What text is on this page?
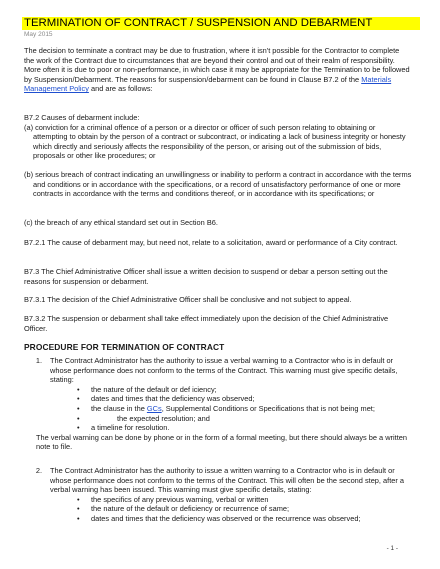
TERMINATION OF CONTRACT / SUSPENSION AND DEBARMENT
May 2015

The decision to terminate a contract may be due to frustration, where it isn't possible for the Contractor to complete the work of the Contract due to circumstances that are beyond their control and out of their realm of responsibility. More often it is due to poor or non-performance, in which case it may be appropriate for the Termination to be followed by Suspension/Debarment. The reasons for suspension/debarment can be found in Clause B7.2 of the Materials Management Policy and are as follows:

B7.2 Causes of debarment include:
(a) conviction for a criminal offence of a person or a director or officer of such person relating to obtaining or attempting to obtain by the person of a contract or subcontract, or indicating a lack of business integrity or honesty which directly and seriously affects the responsibility of the person, or arising out of the submission of bids, proposals or other like procedures; or
(b) serious breach of contract indicating an unwillingness or inability to perform a contract in accordance with the terms and conditions or in accordance with the specifications, or a record of unsatisfactory performance of one or more contracts in accordance with the terms and conditions thereof, or in accordance with its specifications; or
(c) the breach of any ethical standard set out in Section B6.
B7.2.1 The cause of debarment may, but need not, relate to a solicitation, award or performance of a City contract.
B7.3 The Chief Administrative Officer shall issue a written decision to suspend or debar a person setting out the reasons for suspension or debarment.
B7.3.1 The decision of the Chief Administrative Officer shall be conclusive and not subject to appeal.
B7.3.2 The suspension or debarment shall take effect immediately upon the decision of the Chief Administrative Officer.
PROCEDURE FOR TERMINATION OF CONTRACT
1.	The Contract Administrator has the authority to issue a verbal warning to a Contractor who is in default or whose performance does not conform to the terms of the Contract. This warning must give specific details, stating:
•	the nature of the default or def iciency;
•	dates and times that the deficiency was observed;
•	the clause in the GCs, Supplemental Conditions or Specifications that is not being met;
•	the expected resolution; and
•	a timeline for resolution.
The verbal warning can be done by phone or in the form of a formal meeting, but there should always be a written note to file.
2.	The Contract Administrator has the authority to issue a written warning to a Contractor who is in default or whose performance does not conform to the terms of the Contract. This will often be the second step, after a verbal warning has been issued. This warning must give specific details, stating:
•	the specifics of any previous warning, verbal or written
•	the nature of the default or deficiency or recurrence of same;
•	dates and times that the deficiency was observed or the recurrence was observed;
- 1 -
